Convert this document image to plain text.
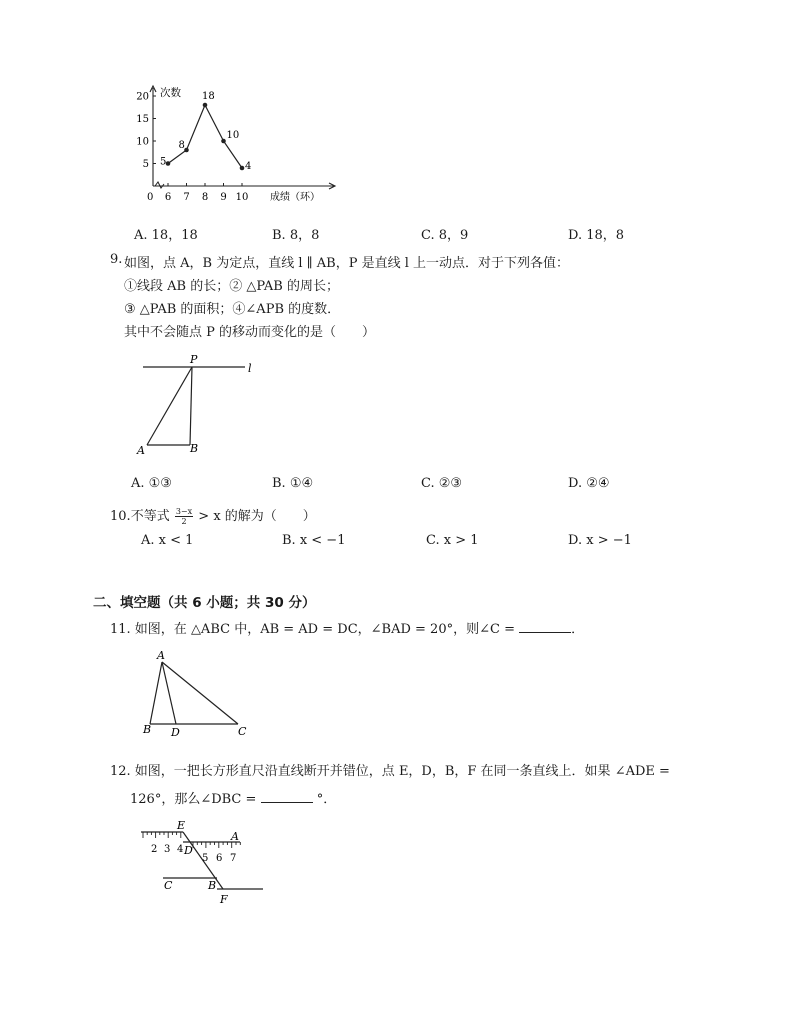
5
10
15
20
6 7 8 9 10
5
8
18
10
4
次数
成绩（环）
0
A. 18，18	B. 8，8	C. 8，9	D. 18，8
9. 如图，点 A，B 为定点，直线 l ∥ AB，P 是直线 l 上一动点．对于下列各值：
①线段 AB 的长；② △PAB 的周长；
③ △PAB 的面积；④∠APB 的度数．
其中不会随点 P 的移动而变化的是（　　）
P
l
A	B
A. ①③	B. ①④	C. ②③	D. ②④
10.不等式 $\frac{3-x}{2} > x$ 的解为（　　）
A. x < 1	B. x < −1	C. x > 1	D. x > −1
二、填空题（共 6 小题；共 30 分）
11. 如图，在 △ABC 中，AB = AD = DC，∠BAD = 20°，则∠C =	．
A
B D	C
12. 如图，一把长方形直尺沿直线断开并错位，点 E，D，B，F 在同一条直线上．如果 ∠ADE =
126°，那么∠DBC =	°．
2 3 4
5 6 7
E
A
D
C	B
F
